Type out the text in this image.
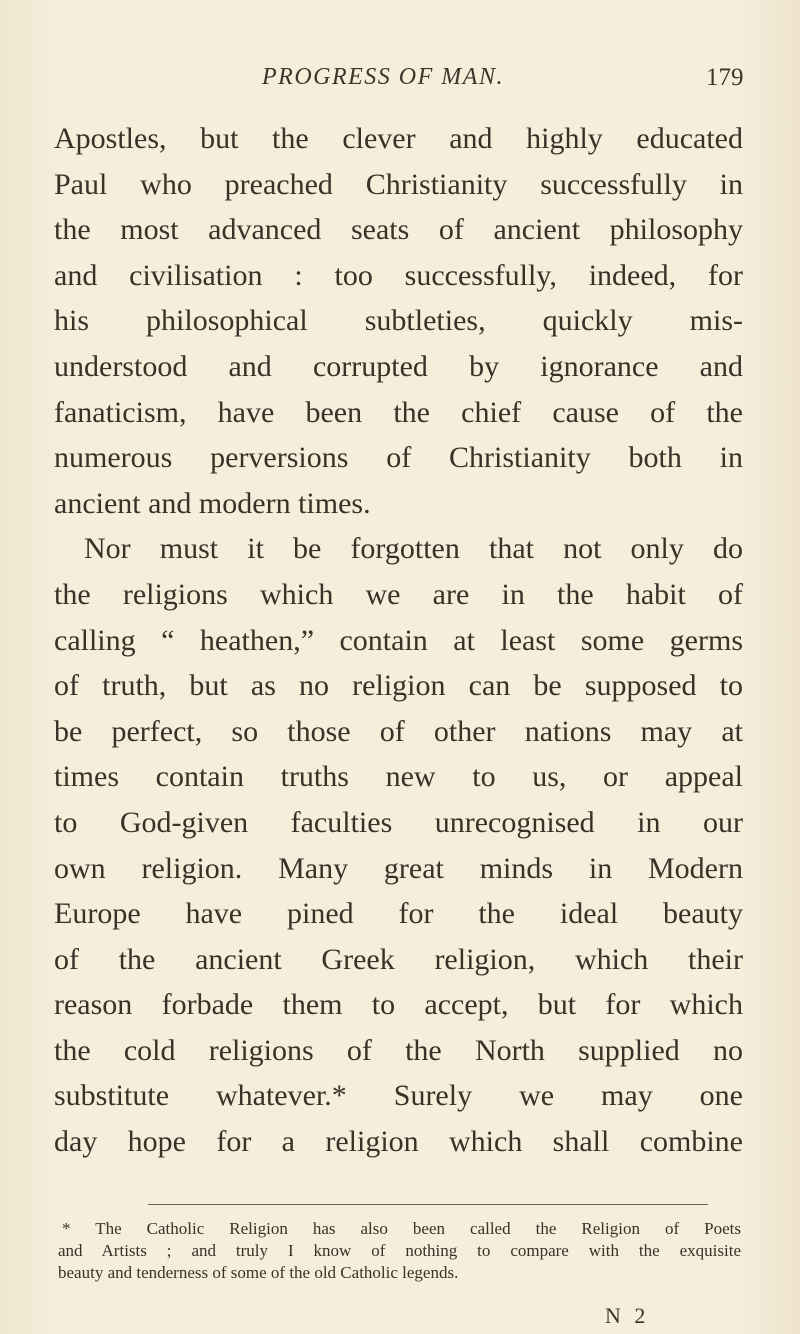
PROGRESS OF MAN.	179
Apostles, but the clever and highly educated
Paul who preached Christianity successfully in
the most advanced seats of ancient philosophy
and civilisation : too successfully, indeed, for
his philosophical subtleties, quickly mis-
understood and corrupted by ignorance and
fanaticism, have been the chief cause of the
numerous perversions of Christianity both in
ancient and modern times.
Nor must it be forgotten that not only do
the religions which we are in the habit of
calling “ heathen,” contain at least some germs
of truth, but as no religion can be supposed to
be perfect, so those of other nations may at
times contain truths new to us, or appeal
to God-given faculties unrecognised in our
own religion. Many great minds in Modern
Europe have pined for the ideal beauty
of the ancient Greek religion, which their
reason forbade them to accept, but for which
the cold religions of the North supplied no
substitute whatever.* Surely we may one
day hope for a religion which shall combine
* The Catholic Religion has also been called the Religion of Poets
and Artists ; and truly I know of nothing to compare with the exquisite
beauty and tenderness of some of the old Catholic legends.
N 2
